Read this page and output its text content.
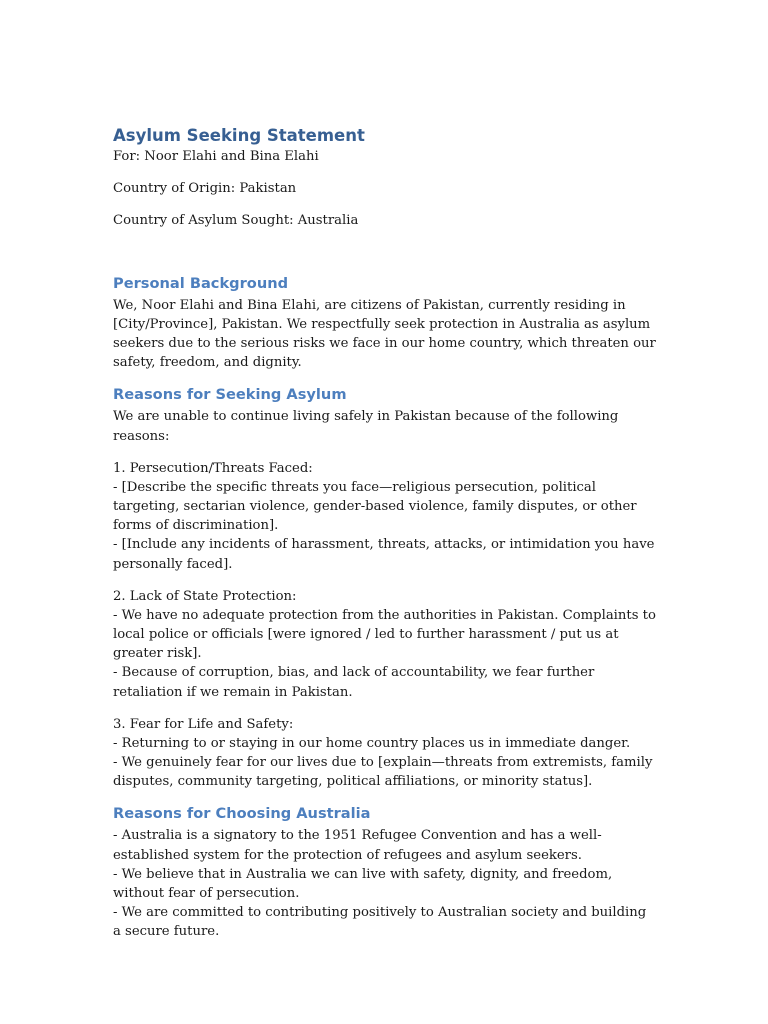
Asylum Seeking Statement

For: Noor Elahi and Bina Elahi

Country of Origin: Pakistan

Country of Asylum Sought: Australia

Personal Background

We, Noor Elahi and Bina Elahi, are citizens of Pakistan, currently residing in [City/Province], Pakistan. We respectfully seek protection in Australia as asylum seekers due to the serious risks we face in our home country, which threaten our safety, freedom, and dignity.

Reasons for Seeking Asylum

We are unable to continue living safely in Pakistan because of the following reasons:

1. Persecution/Threats Faced:
- [Describe the specific threats you face—religious persecution, political targeting, sectarian violence, gender-based violence, family disputes, or other forms of discrimination].
- [Include any incidents of harassment, threats, attacks, or intimidation you have personally faced].
2. Lack of State Protection:
- We have no adequate protection from the authorities in Pakistan. Complaints to local police or officials [were ignored / led to further harassment / put us at greater risk].
- Because of corruption, bias, and lack of accountability, we fear further retaliation if we remain in Pakistan.
3. Fear for Life and Safety:
- Returning to or staying in our home country places us in immediate danger.
- We genuinely fear for our lives due to [explain—threats from extremists, family disputes, community targeting, political affiliations, or minority status].
Reasons for Choosing Australia
- Australia is a signatory to the 1951 Refugee Convention and has a well-established system for the protection of refugees and asylum seekers.
- We believe that in Australia we can live with safety, dignity, and freedom, without fear of persecution.
- We are committed to contributing positively to Australian society and building a secure future.
